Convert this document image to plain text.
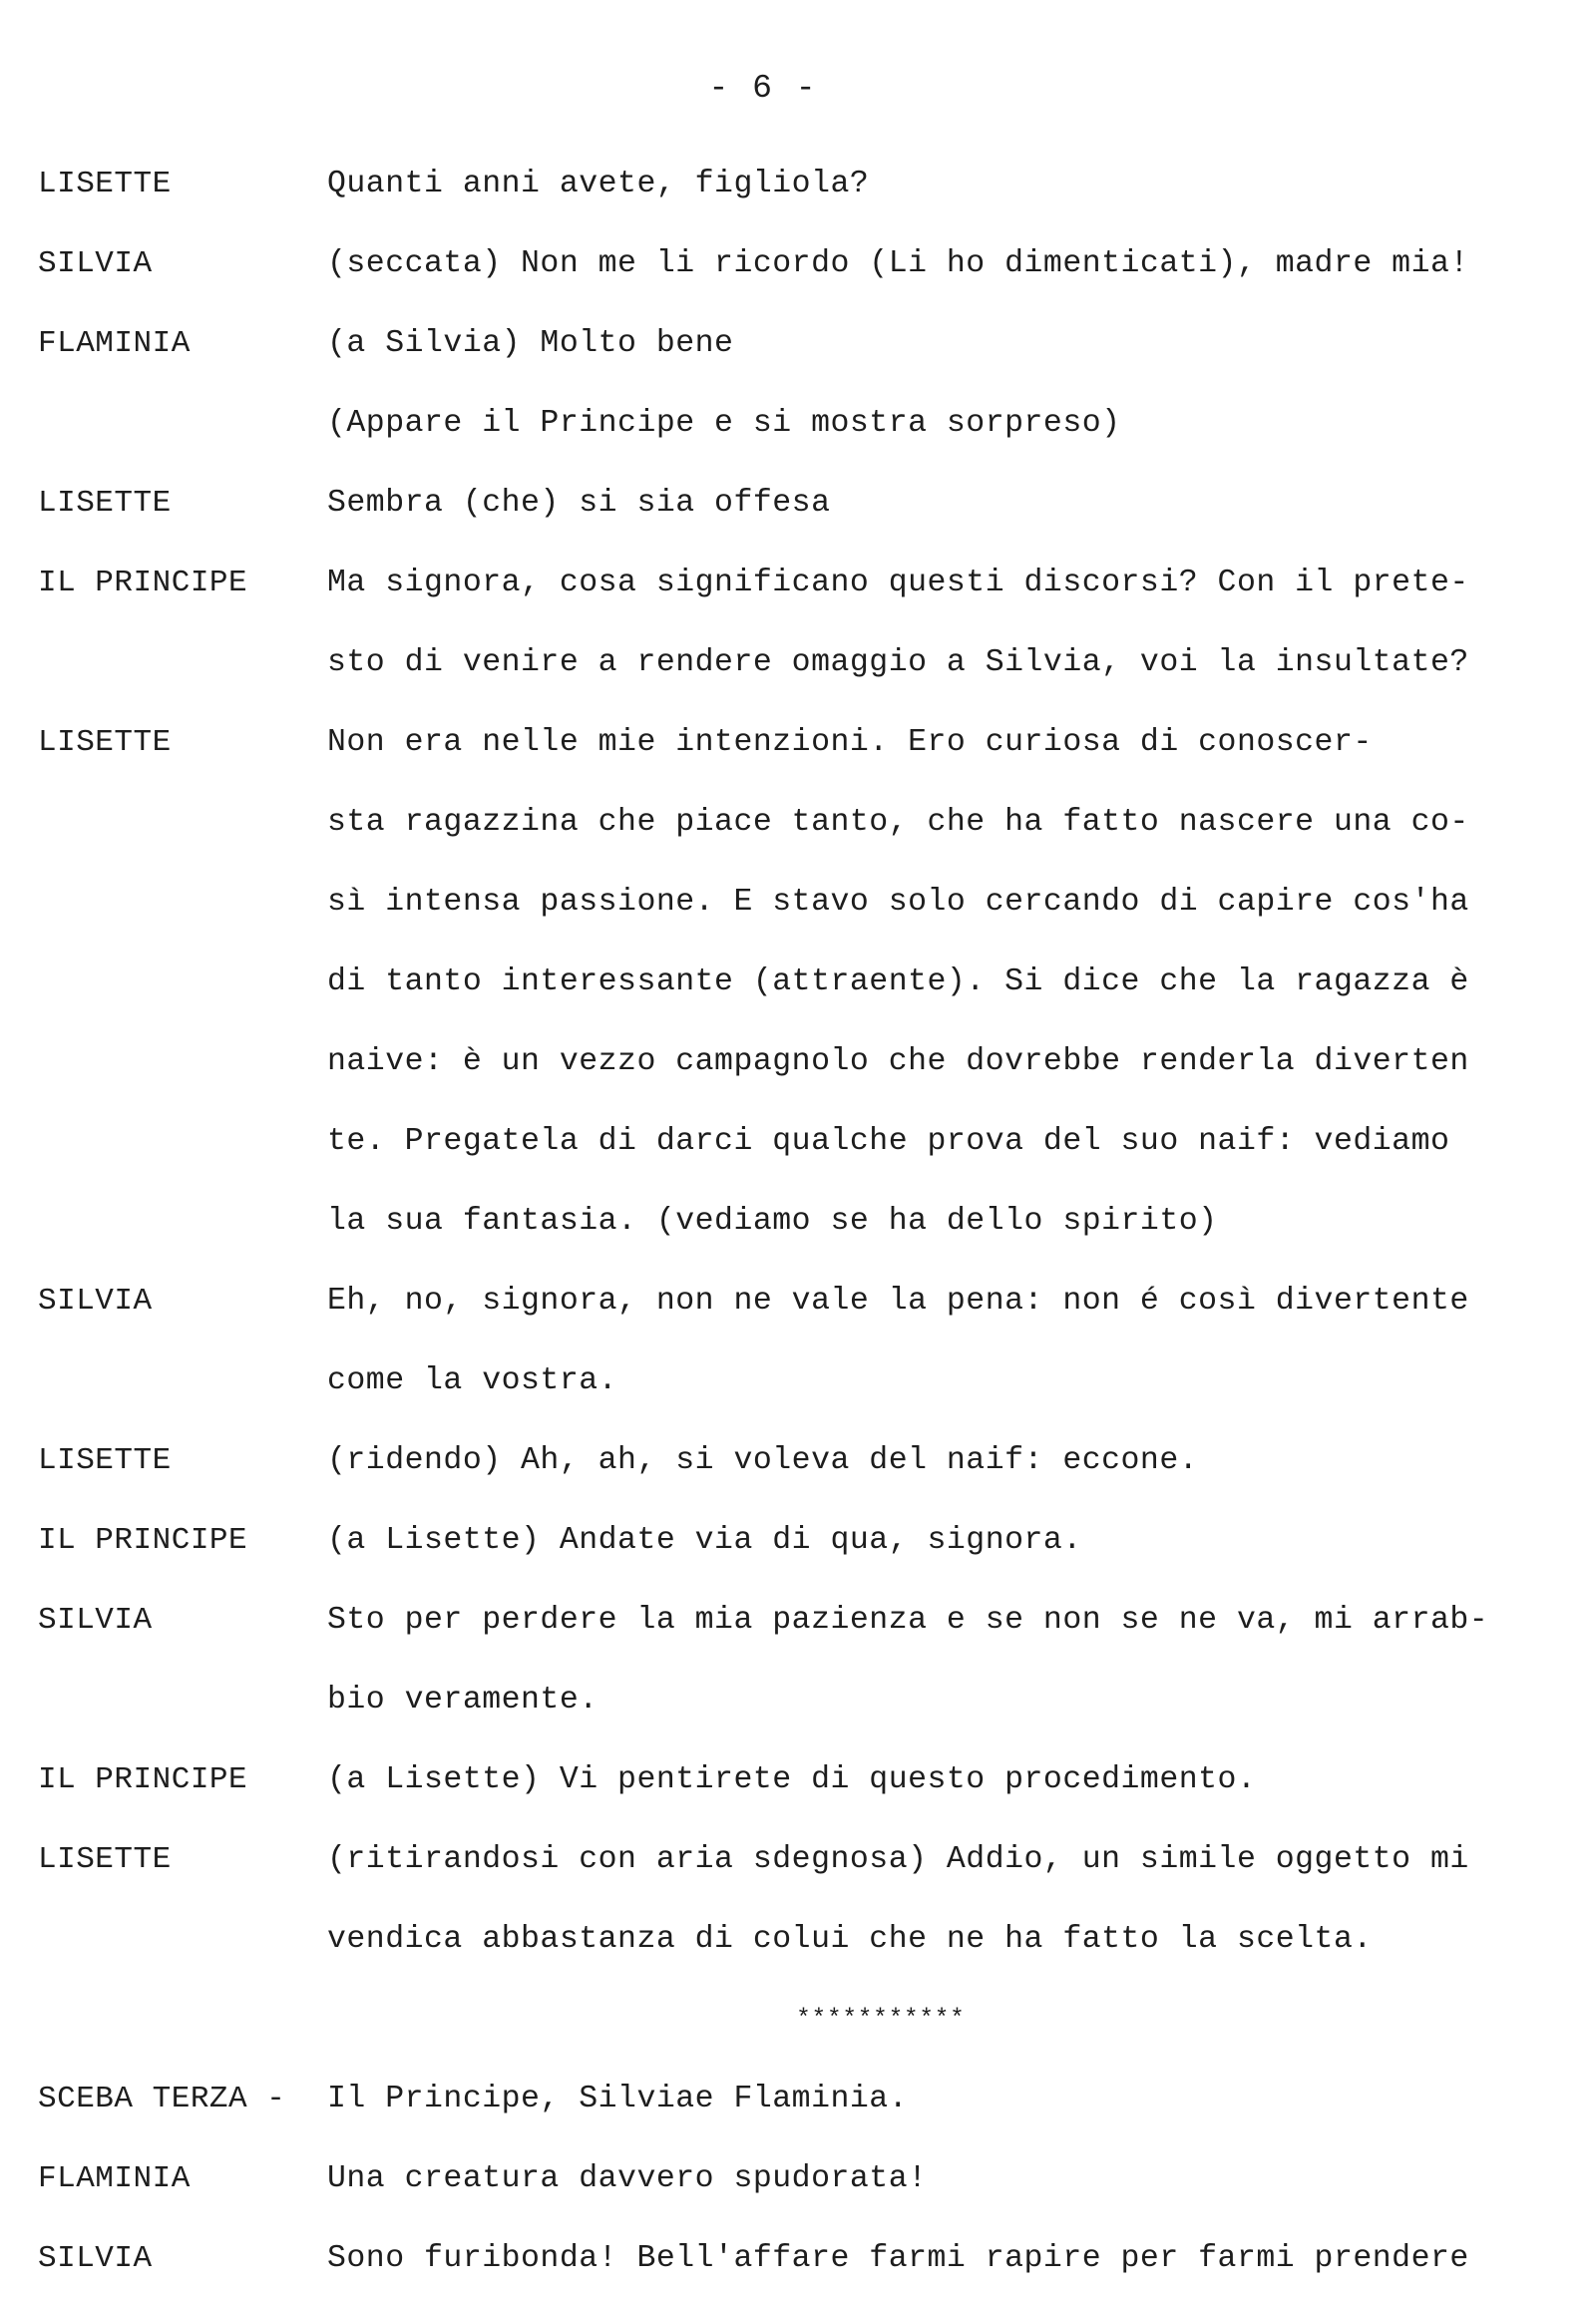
- 6 -
LISETTE	Quanti anni avete, figliola?
SILVIA	(seccata) Non me li ricordo (Li ho dimenticati), madre mia!
FLAMINIA	(a Silvia) Molto bene
(Appare il Principe e si mostra sorpreso)
LISETTE	Sembra (che) si sia offesa
IL PRINCIPE	Ma signora, cosa significano questi discorsi? Con il prete-
sto di venire a rendere omaggio a Silvia, voi la insultate?
LISETTE	Non era nelle mie intenzioni. Ero curiosa di conoscer-
sta ragazzina che piace tanto, che ha fatto nascere una co-
sì intensa passione. E stavo solo cercando di capire cos'ha
di tanto interessante (attraente). Si dice che la ragazza è
naive: è un vezzo campagnolo che dovrebbe renderla diverten
te. Pregatela di darci qualche prova del suo naif: vediamo
la sua fantasia. (vediamo se ha dello spirito)
SILVIA	Eh, no, signora, non ne vale la pena: non é così divertente
come la vostra.
LISETTE	(ridendo) Ah, ah, si voleva del naif: eccone.
IL PRINCIPE	(a Lisette) Andate via di qua, signora.
SILVIA	Sto per perdere la mia pazienza e se non se ne va, mi arrab-
bio veramente.
IL PRINCIPE	(a Lisette) Vi pentirete di questo procedimento.
LISETTE	(ritirandosi con aria sdegnosa) Addio, un simile oggetto mi
vendica abbastanza di colui che ne ha fatto la scelta.
***********
SCEBA TERZA -	Il Principe, Silviae Flaminia.
FLAMINIA	Una creatura davvero spudorata!
SILVIA	Sono furibonda! Bell'affare farmi rapire per farmi prendere
